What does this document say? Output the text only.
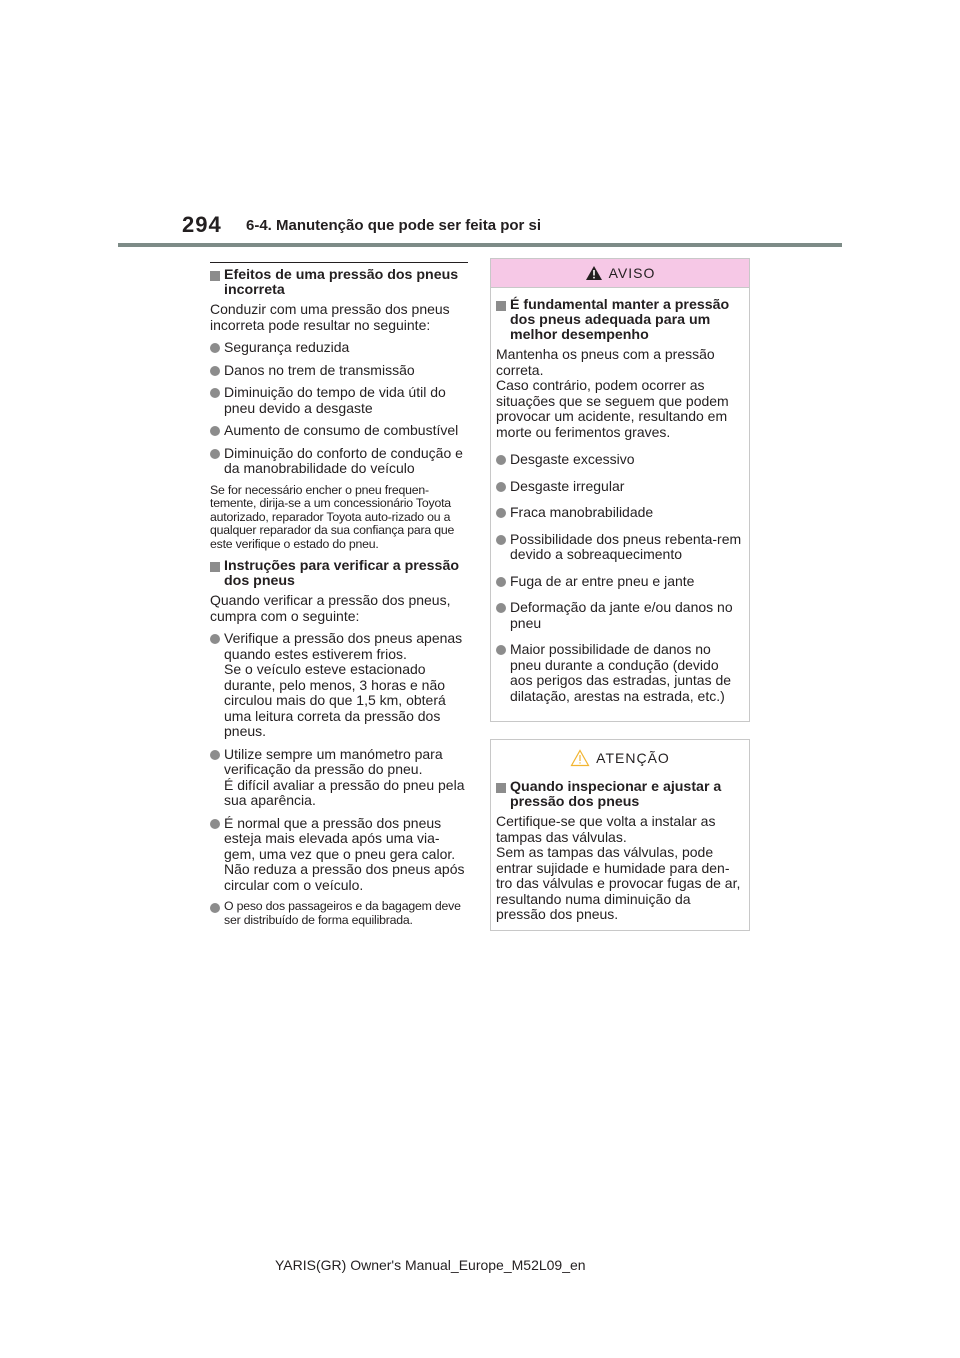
294 6-4. Manutenção que pode ser feita por si
Efeitos de uma pressão dos pneus incorreta

Conduzir com uma pressão dos pneus incorreta pode resultar no seguinte:

Segurança reduzida
Danos no trem de transmissão
Diminuição do tempo de vida útil do pneu devido a desgaste
Aumento de consumo de combustível
Diminuição do conforto de condução e da manobrabilidade do veículo

Se for necessário encher o pneu frequen-temente, dirija-se a um concessionário Toyota autorizado, reparador Toyota auto-rizado ou a qualquer reparador da sua confiança para que este verifique o estado do pneu.

Instruções para verificar a pressão dos pneus

Quando verificar a pressão dos pneus, cumpra com o seguinte:

Verifique a pressão dos pneus apenas quando estes estiverem frios.
Se o veículo esteve estacionado durante, pelo menos, 3 horas e não circulou mais do que 1,5 km, obterá uma leitura correta da pressão dos pneus.
Utilize sempre um manómetro para verificação da pressão do pneu.
É difícil avaliar a pressão do pneu pela sua aparência.
É normal que a pressão dos pneus esteja mais elevada após uma via-gem, uma vez que o pneu gera calor. Não reduza a pressão dos pneus após circular com o veículo.
O peso dos passageiros e da bagagem deve ser distribuído de forma equilibrada.
AVISO
É fundamental manter a pressão dos pneus adequada para um melhor desempenho

Mantenha os pneus com a pressão correta.
Caso contrário, podem ocorrer as situações que se seguem que podem provocar um acidente, resultando em morte ou ferimentos graves.

Desgaste excessivo
Desgaste irregular
Fraca manobrabilidade
Possibilidade dos pneus rebenta-rem devido a sobreaquecimento
Fuga de ar entre pneu e jante
Deformação da jante e/ou danos no pneu
Maior possibilidade de danos no pneu durante a condução (devido aos perigos das estradas, juntas de dilatação, arestas na estrada, etc.)
ATENÇÃO
Quando inspecionar e ajustar a pressão dos pneus

Certifique-se que volta a instalar as tampas das válvulas.
Sem as tampas das válvulas, pode entrar sujidade e humidade para den-tro das válvulas e provocar fugas de ar, resultando numa diminuição da pressão dos pneus.

YARIS(GR) Owner's Manual_Europe_M52L09_en
